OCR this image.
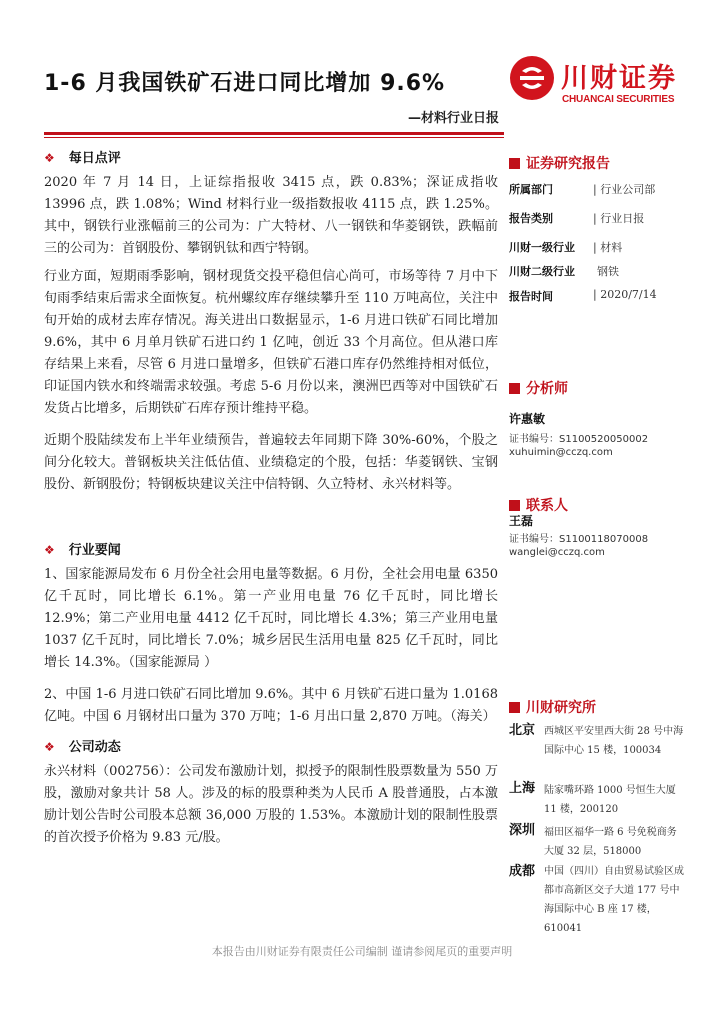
1-6 月我国铁矿石进口同比增加 9.6%
—材料行业日报
川财证券
CHUANCAI SECURITIES
❖ 每日点评

2020 年 7 月 14 日，上证综指报收 3415 点，跌 0.83%；深证成指收 13996 点，跌 1.08%；Wind 材料行业一级指数报收 4115 点，跌 1.25%。其中，钢铁行业涨幅前三的公司为：广大特材、八一钢铁和华菱钢铁，跌幅前三的公司为：首钢股份、攀钢钒钛和西宁特钢。

行业方面，短期雨季影响，钢材现货交投平稳但信心尚可，市场等待 7 月中下旬雨季结束后需求全面恢复。杭州螺纹库存继续攀升至 110 万吨高位，关注中旬开始的成材去库存情况。海关进出口数据显示，1-6 月进口铁矿石同比增加 9.6%，其中 6 月单月铁矿石进口约 1 亿吨，创近 33 个月高位。但从港口库存结果上来看，尽管 6 月进口量增多，但铁矿石港口库存仍然维持相对低位，印证国内铁水和终端需求较强。考虑 5-6 月份以来，澳洲巴西等对中国铁矿石发货占比增多，后期铁矿石库存预计维持平稳。

近期个股陆续发布上半年业绩预告，普遍较去年同期下降 30%-60%，个股之间分化较大。普钢板块关注低估值、业绩稳定的个股，包括：华菱钢铁、宝钢股份、新钢股份；特钢板块建议关注中信特钢、久立特材、永兴材料等。

❖ 行业要闻

1、国家能源局发布 6 月份全社会用电量等数据。6 月份，全社会用电量 6350 亿千瓦时，同比增长 6.1%。第一产业用电量 76 亿千瓦时，同比增长 12.9%；第二产业用电量 4412 亿千瓦时，同比增长 4.3%；第三产业用电量 1037 亿千瓦时，同比增长 7.0%；城乡居民生活用电量 825 亿千瓦时，同比增长 14.3%。（国家能源局 ）

2、中国 1-6 月进口铁矿石同比增加 9.6%。其中 6 月铁矿石进口量为 1.0168 亿吨。中国 6 月钢材出口量为 370 万吨；1-6 月出口量 2,870 万吨。（海关）

❖ 公司动态

永兴材料（002756）：公司发布激励计划，拟授予的限制性股票数量为 550 万股，激励对象共计 58 人。涉及的标的股票种类为人民币 A 股普通股，占本激励计划公告时公司股本总额 36,000 万股的 1.53%。本激励计划的限制性股票的首次授予价格为 9.83 元/股。

证券研究报告
所属部门	| 行业公司部
报告类别	| 行业日报
川财一级行业 | 材料
川财二级行业 钢铁
报告时间	| 2020/7/14
分析师
许惠敏
证书编号：S1100520050002
xuhuimin@cczq.com
联系人
王磊
证书编号：S1100118070008
wanglei@cczq.com
川财研究所
北京 西城区平安里西大街 28 号中海国际中心 15 楼，100034
上海 陆家嘴环路 1000 号恒生大厦 11 楼，200120
深圳 福田区福华一路 6 号免税商务大厦 32 层，518000
成都 中国（四川）自由贸易试验区成都市高新区交子大道 177 号中海国际中心 B 座 17 楼，610041
本报告由川财证券有限责任公司编制 谨请参阅尾页的重要声明
